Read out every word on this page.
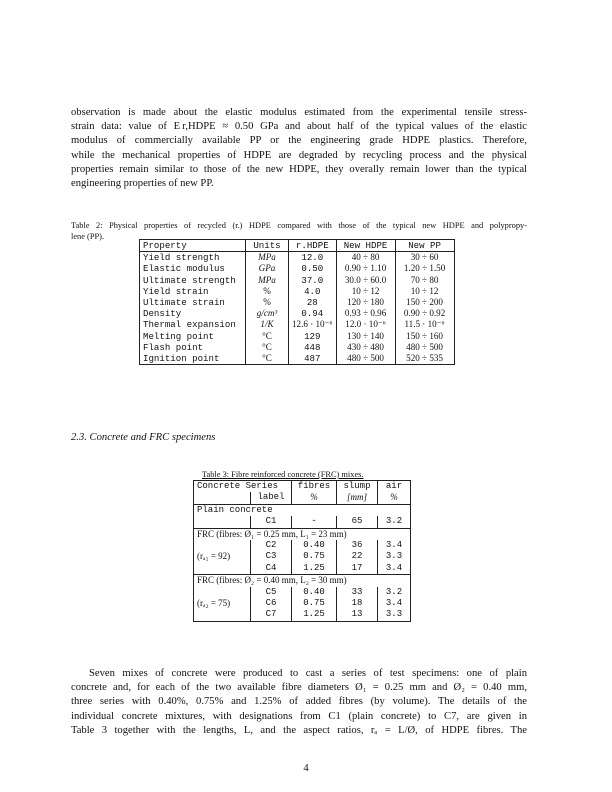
observation is made about the elastic modulus estimated from the experimental tensile stress-
strain data: value of E r,HDPE ≈ 0.50 GPa and about half of the typical values of the elastic
modulus of commercially available PP or the engineering grade HDPE plastics. Therefore,
while the mechanical properties of HDPE are degraded by recycling process and the physical
properties remain similar to those of the new HDPE, they overally remain lower than the typical
engineering properties of new PP.
Table 2: Physical properties of recycled (r.) HDPE compared with those of the typical new HDPE and polypropy-
lene (PP).
Property	Units	r.HDPE	New HDPE	New PP
Yield strength	MPa	12.0	40 ÷ 80	30 ÷ 60
Elastic modulus	GPa	0.50	0.90 ÷ 1.10	1.20 ÷ 1.50
Ultimate strength	MPa	37.0	30.0 ÷ 60.0	70 ÷ 80
Yield strain	%	4.0	10 ÷ 12	10 ÷ 12
Ultimate strain	%	28	120 ÷ 180	150 ÷ 200
Density	g/cm³	0.94	0.93 ÷ 0.96	0.90 ÷ 0.92
Thermal expansion	1/K	12.6 · 10⁻⁶	12.0 · 10⁻⁶	11.5 · 10⁻⁶
Melting point	°C	129	130 ÷ 140	150 ÷ 160
Flash point	°C	448	430 ÷ 480	480 ÷ 500
Ignition point	°C	487	480 ÷ 500	520 ÷ 535
2.3. Concrete and FRC specimens
Table 3: Fibre reinforced concrete (FRC) mixes.
Concrete Series		fibres	slump	air
	label	%	[mm]	%
Plain concrete				
	C1	-	65	3.2
FRC (fibres: Ø₁ = 0.25 mm, L₁ = 23 mm)				
	C2	0.40	36	3.4
(rₐ₁ = 92)	C3	0.75	22	3.3
	C4	1.25	17	3.4
FRC (fibres: Ø₂ = 0.40 mm, L₂ = 30 mm)				
	C5	0.40	33	3.2
(rₐ₂ = 75)	C6	0.75	18	3.4
	C7	1.25	13	3.3
Seven mixes of concrete were produced to cast a series of test specimens: one of plain
concrete and, for each of the two available fibre diameters Ø₁ = 0.25 mm and Ø₂ = 0.40 mm,
three series with 0.40%, 0.75% and 1.25% of added fibres (by volume). The details of the
individual concrete mixtures, with designations from C1 (plain concrete) to C7, are given in
Table 3 together with the lengths, L, and the aspect ratios, rₐ = L/Ø, of HDPE fibres. The
4
